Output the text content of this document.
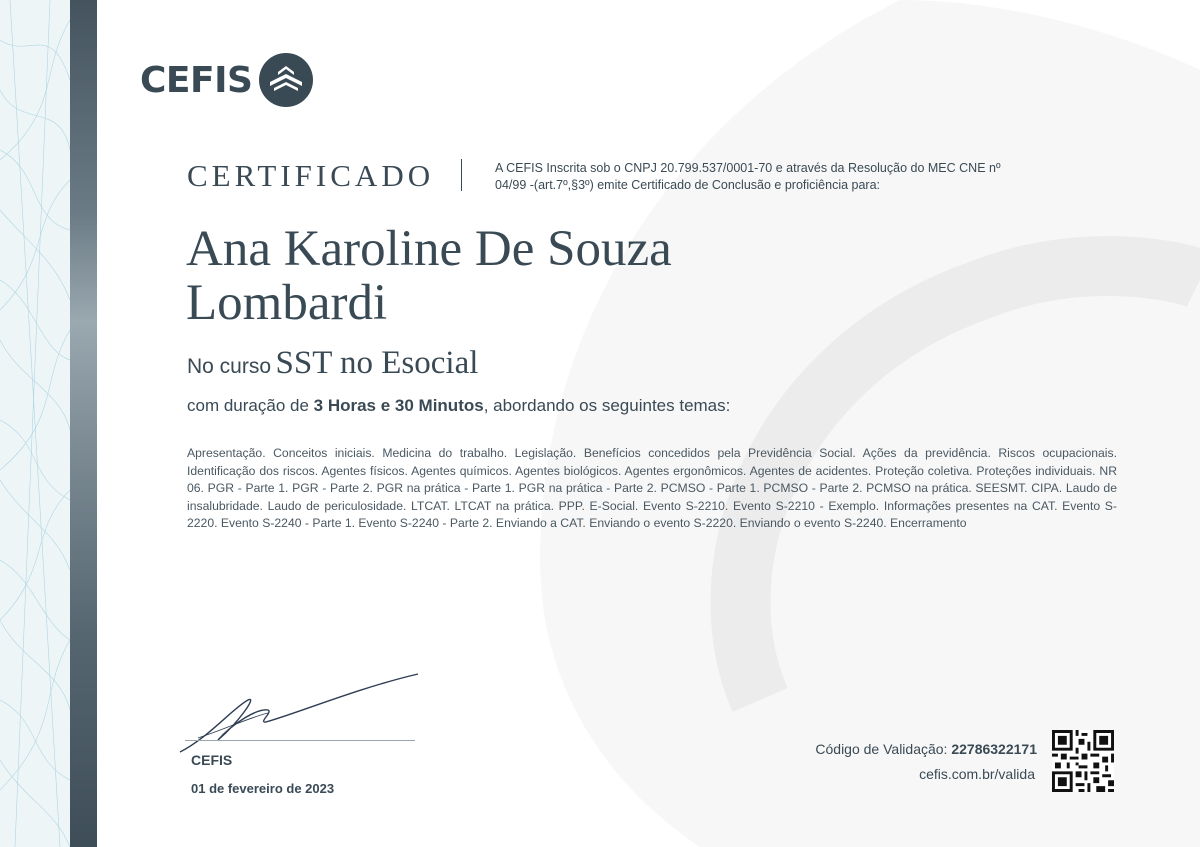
CEFIS
CERTIFICADO	A CEFIS Inscrita sob o CNPJ 20.799.537/0001-70 e através da Resolução do MEC CNE nº 04/99 -(art.7º,§3º) emite Certificado de Conclusão e proficiência para:
Ana Karoline De Souza Lombardi
No curso SST no Esocial
com duração de 3 Horas e 30 Minutos, abordando os seguintes temas:
Apresentação. Conceitos iniciais. Medicina do trabalho. Legislação. Benefícios concedidos pela Previdência Social. Ações da previdência. Riscos ocupacionais. Identificação dos riscos. Agentes físicos. Agentes químicos. Agentes biológicos. Agentes ergonômicos. Agentes de acidentes. Proteção coletiva. Proteções individuais. NR 06. PGR - Parte 1. PGR - Parte 2. PGR na prática - Parte 1. PGR na prática - Parte 2. PCMSO - Parte 1. PCMSO - Parte 2. PCMSO na prática. SEESMT. CIPA. Laudo de insalubridade. Laudo de periculosidade. LTCAT. LTCAT na prática. PPP. E-Social. Evento S-2210. Evento S-2210 - Exemplo. Informações presentes na CAT. Evento S-2220. Evento S-2240 - Parte 1. Evento S-2240 - Parte 2. Enviando a CAT. Enviando o evento S-2220. Enviando o evento S-2240. Encerramento
CEFIS
01 de fevereiro de 2023
Código de Validação: 22786322171
cefis.com.br/valida
